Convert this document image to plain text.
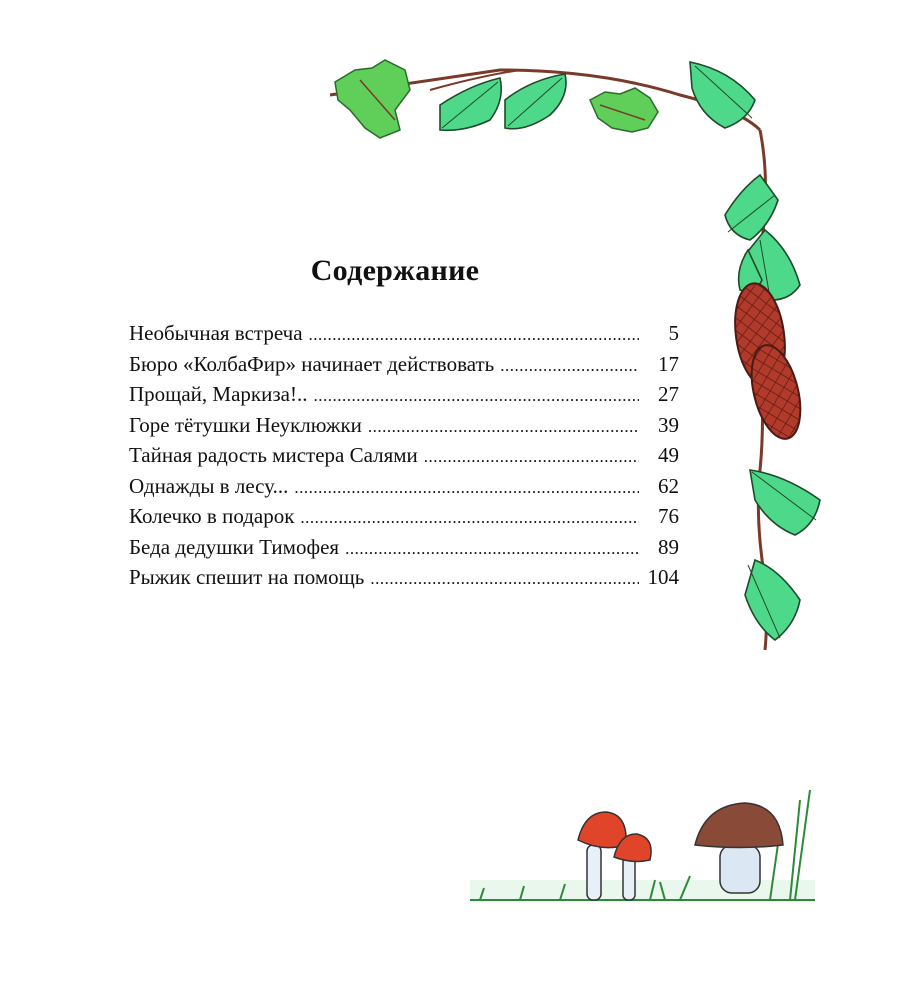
Содержание
Необычная встреча .....	5
Бюро «КолбаФир» начинает действовать .....	17
Прощай, Маркиза!.. .....	27
Горе тётушки Неуклюжки .....	39
Тайная радость мистера Салями .....	49
Однажды в лесу... .....	62
Колечко в подарок .....	76
Беда дедушки Тимофея .....	89
Рыжик спешит на помощь .....	104
